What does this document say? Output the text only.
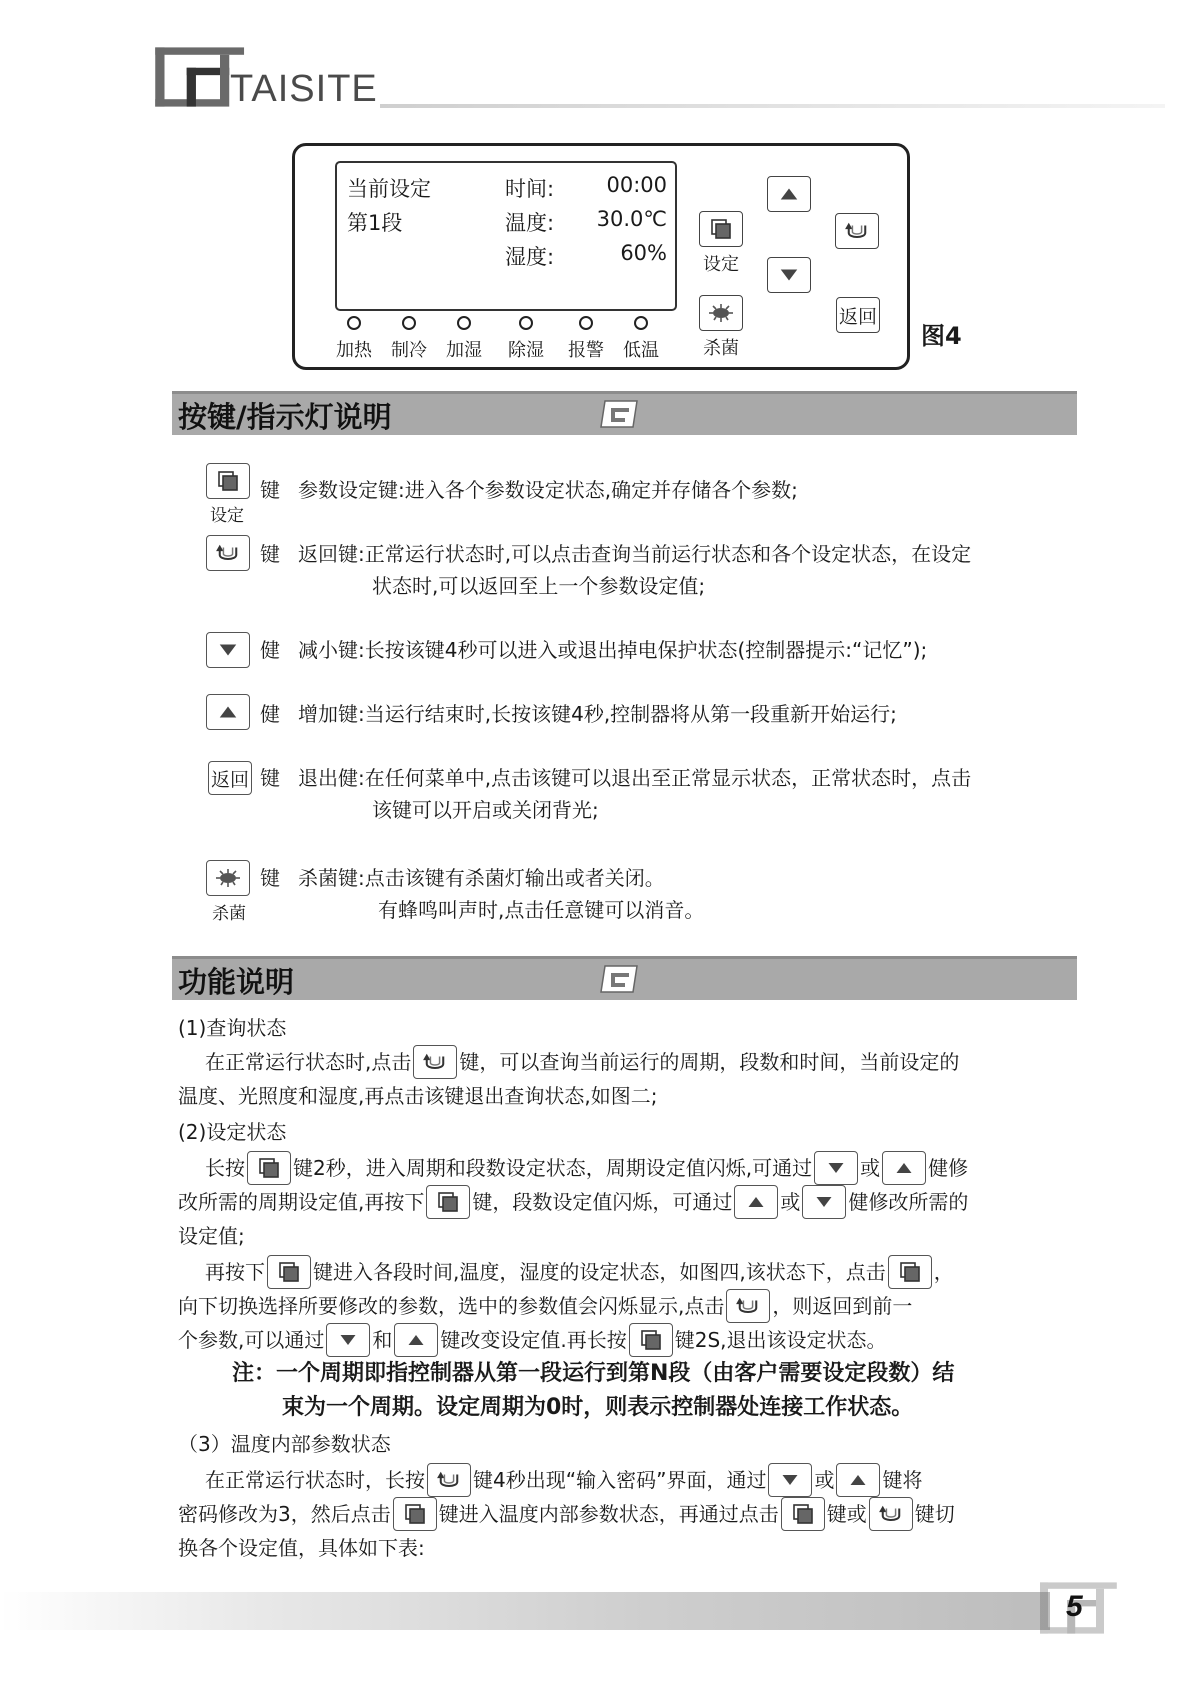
TAISITE
当前设定	时间: 00:00
第1段	温度: 30.0℃
湿度:	60%
加热	制冷	加湿	除湿	报警	低温
设定
杀菌
返回
图4
按键/指示灯说明
设定
键 参数设定键:进入各个参数设定状态,确定并存储各个参数;
键 返回键:正常运行状态时,可以点击查询当前运行状态和各个设定状态，在设定
状态时,可以返回至上一个参数设定值;
健 减小键:长按该键4秒可以进入或退出掉电保护状态(控制器提示:“记忆”);
健 增加键:当运行结束时,长按该键4秒,控制器将从第一段重新开始运行;
返回 键 退出健:在任何菜单中,点击该键可以退出至正常显示状态，正常状态时，点击
该键可以开启或关闭背光;
杀菌
键 杀菌键:点击该键有杀菌灯输出或者关闭。
有蜂鸣叫声时,点击任意键可以消音。
功能说明
(1)查询状态
在正常运行状态时,点击 键，可以查询当前运行的周期，段数和时间，当前设定的
温度、光照度和湿度,再点击该键退出查询状态,如图二;
(2)设定状态
长按 键2秒，进入周期和段数设定状态，周期设定值闪烁,可通过 或 健修
改所需的周期设定值,再按下 键，段数设定值闪烁，可通过 或 健修改所需的
设定值;
再按下 键进入各段时间,温度，湿度的设定状态，如图四,该状态下，点击 ，
向下切换选择所要修改的参数，选中的参数值会闪烁显示,点击 ，则返回到前一
个参数,可以通过 和 键改变设定值.再长按 键2S,退出该设定状态。
注：一个周期即指控制器从第一段运行到第N段（由客户需要设定段数）结
束为一个周期。设定周期为0时，则表示控制器处连接工作状态。
（3）温度内部参数状态
在正常运行状态时，长按 键4秒出现“输入密码”界面，通过 或 键将
密码修改为3，然后点击 键进入温度内部参数状态，再通过点击 键或 键切
换各个设定值，具体如下表:
5
